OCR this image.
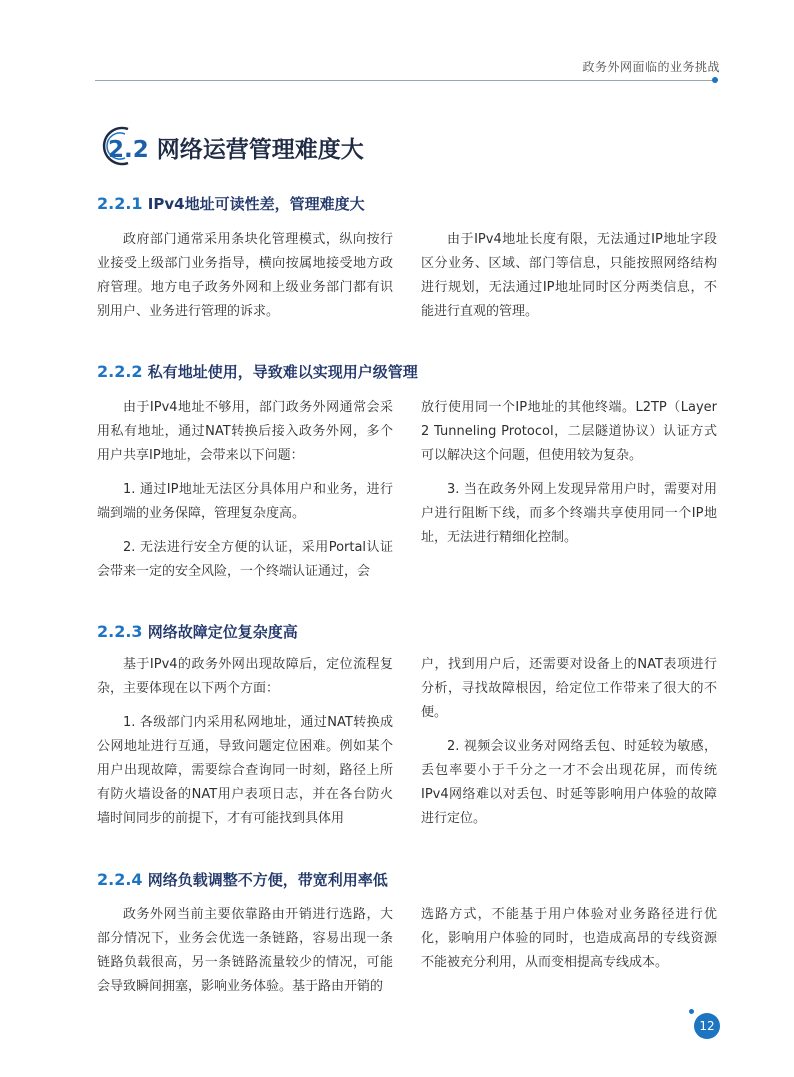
政务外网面临的业务挑战
2.2 网络运营管理难度大
2.2.1 IPv4地址可读性差，管理难度大

政府部门通常采用条块化管理模式，纵向按行业接受上级部门业务指导，横向按属地接受地方政府管理。地方电子政务外网和上级业务部门都有识别用户、业务进行管理的诉求。

由于IPv4地址长度有限，无法通过IP地址字段区分业务、区域、部门等信息，只能按照网络结构进行规划，无法通过IP地址同时区分两类信息，不能进行直观的管理。

2.2.2 私有地址使用，导致难以实现用户级管理

由于IPv4地址不够用，部门政务外网通常会采用私有地址，通过NAT转换后接入政务外网，多个用户共享IP地址，会带来以下问题：

1. 通过IP地址无法区分具体用户和业务，进行端到端的业务保障，管理复杂度高。

2. 无法进行安全方便的认证，采用Portal认证会带来一定的安全风险，一个终端认证通过，会

放行使用同一个IP地址的其他终端。L2TP（Layer 2 Tunneling Protocol，二层隧道协议）认证方式可以解决这个问题，但使用较为复杂。

3. 当在政务外网上发现异常用户时，需要对用户进行阻断下线，而多个终端共享使用同一个IP地址，无法进行精细化控制。

2.2.3 网络故障定位复杂度高

基于IPv4的政务外网出现故障后，定位流程复杂，主要体现在以下两个方面：

1. 各级部门内采用私网地址，通过NAT转换成公网地址进行互通，导致问题定位困难。例如某个用户出现故障，需要综合查询同一时刻，路径上所有防火墙设备的NAT用户表项日志，并在各台防火墙时间同步的前提下，才有可能找到具体用

户，找到用户后，还需要对设备上的NAT表项进行分析，寻找故障根因，给定位工作带来了很大的不便。

2. 视频会议业务对网络丢包、时延较为敏感，丢包率要小于千分之一才不会出现花屏，而传统IPv4网络难以对丢包、时延等影响用户体验的故障进行定位。

2.2.4 网络负载调整不方便，带宽利用率低

政务外网当前主要依靠路由开销进行选路，大部分情况下，业务会优选一条链路，容易出现一条链路负载很高，另一条链路流量较少的情况，可能会导致瞬间拥塞，影响业务体验。基于路由开销的

选路方式，不能基于用户体验对业务路径进行优化，影响用户体验的同时，也造成高昂的专线资源不能被充分利用，从而变相提高专线成本。

12
